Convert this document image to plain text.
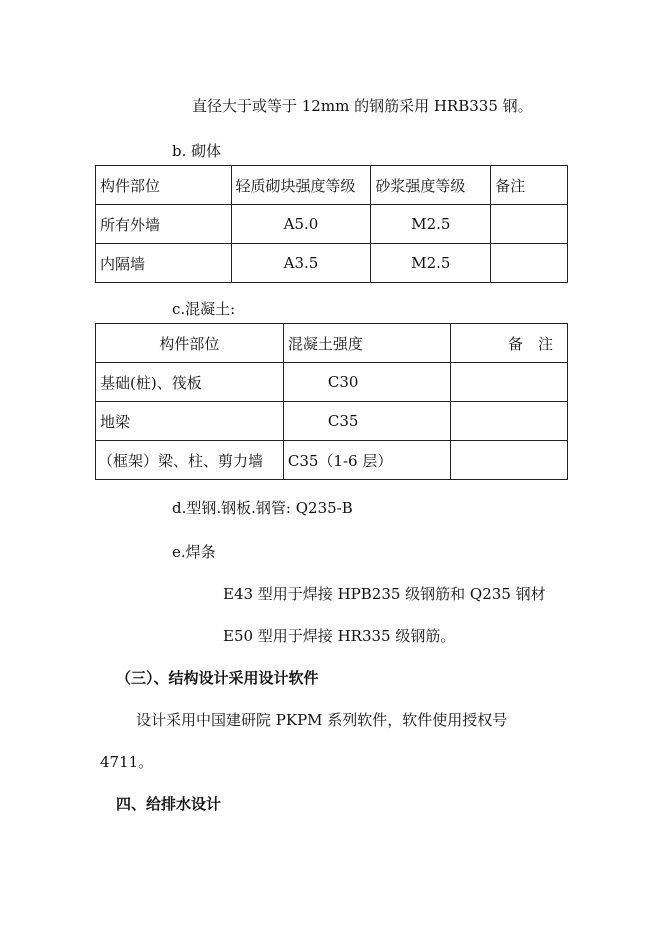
直径大于或等于 12mm 的钢筋采用 HRB335 钢。
b. 砌体
构件部位	轻质砌块强度等级	砂浆强度等级	备注
所有外墙	A5.0	M2.5	
内隔墙	A3.5	M2.5	
c.混凝土:
构件部位	混凝土强度	备　注
基础(桩)、筏板	C30	
地梁	C35	
（框架）梁、柱、剪力墙	C35（1-6 层）	
d.型钢.钢板.钢管: Q235-B
e.焊条
E43 型用于焊接 HPB235 级钢筋和 Q235 钢材
E50 型用于焊接 HR335 级钢筋。
（三）、结构设计采用设计软件
设计采用中国建研院 PKPM 系列软件，软件使用授权号
4711。
四、给排水设计
